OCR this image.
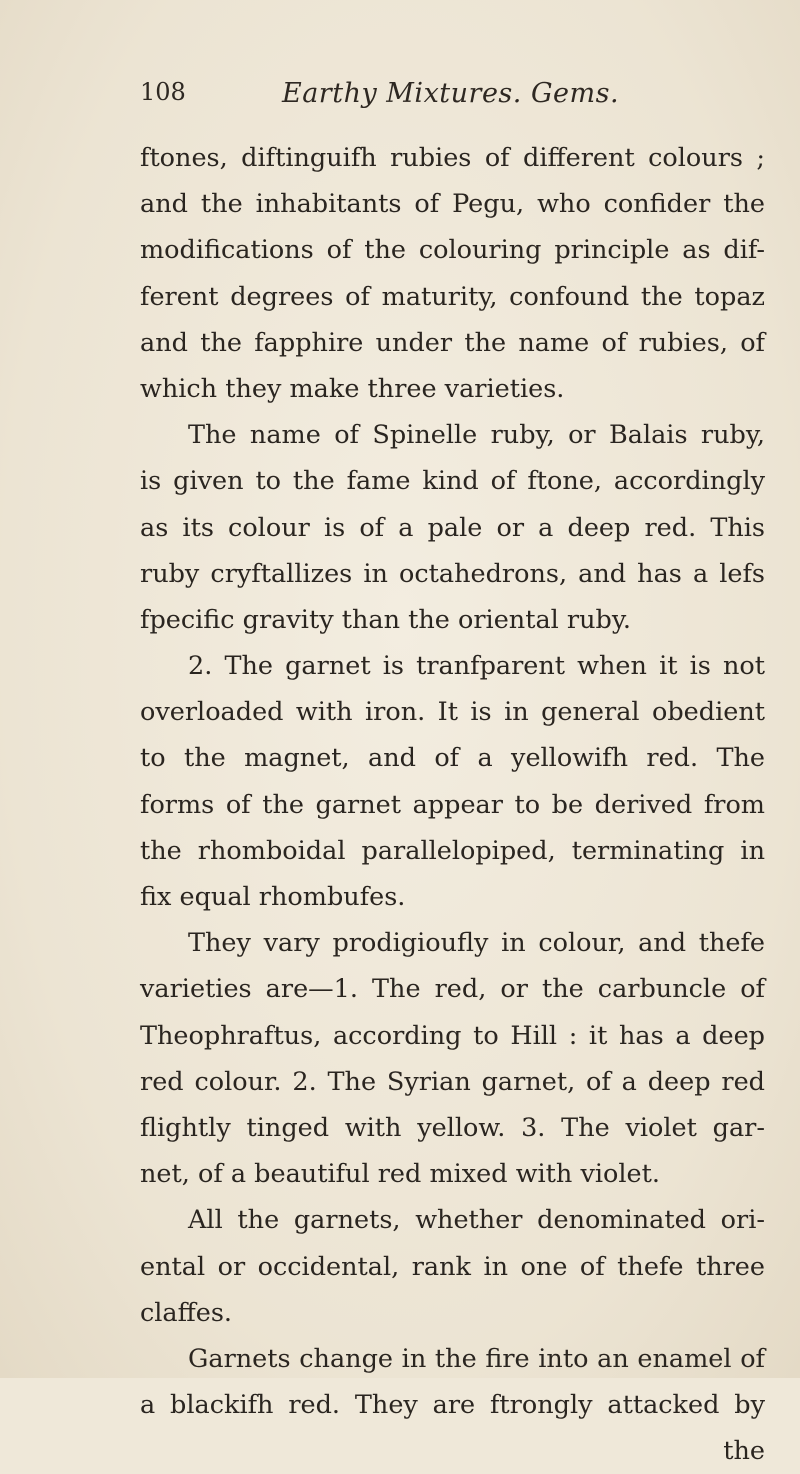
108	Earthy Mixtures. Gems.
ftones, diftinguifh rubies of different colours ;
and the inhabitants of Pegu, who confider the
modifications of the colouring principle as dif-
ferent degrees of maturity, confound the topaz
and the fapphire under the name of rubies, of
which they make three varieties.
The name of Spinelle ruby, or Balais ruby,
is given to the fame kind of ftone, accordingly
as its colour is of a pale or a deep red. This
ruby cryftallizes in octahedrons, and has a lefs
fpecific gravity than the oriental ruby.
2. The garnet is tranfparent when it is not
overloaded with iron. It is in general obedient
to the magnet, and of a yellowifh red. The
forms of the garnet appear to be derived from
the rhomboidal parallelopiped, terminating in
fix equal rhombufes.
They vary prodigioufly in colour, and thefe
varieties are—1. The red, or the carbuncle of
Theophraftus, according to Hill : it has a deep
red colour. 2. The Syrian garnet, of a deep red
flightly tinged with yellow. 3. The violet gar-
net, of a beautiful red mixed with violet.
All the garnets, whether denominated ori-
ental or occidental, rank in one of thefe three
claffes.
Garnets change in the fire into an enamel of
a blackifh red. They are ftrongly attacked by
the
